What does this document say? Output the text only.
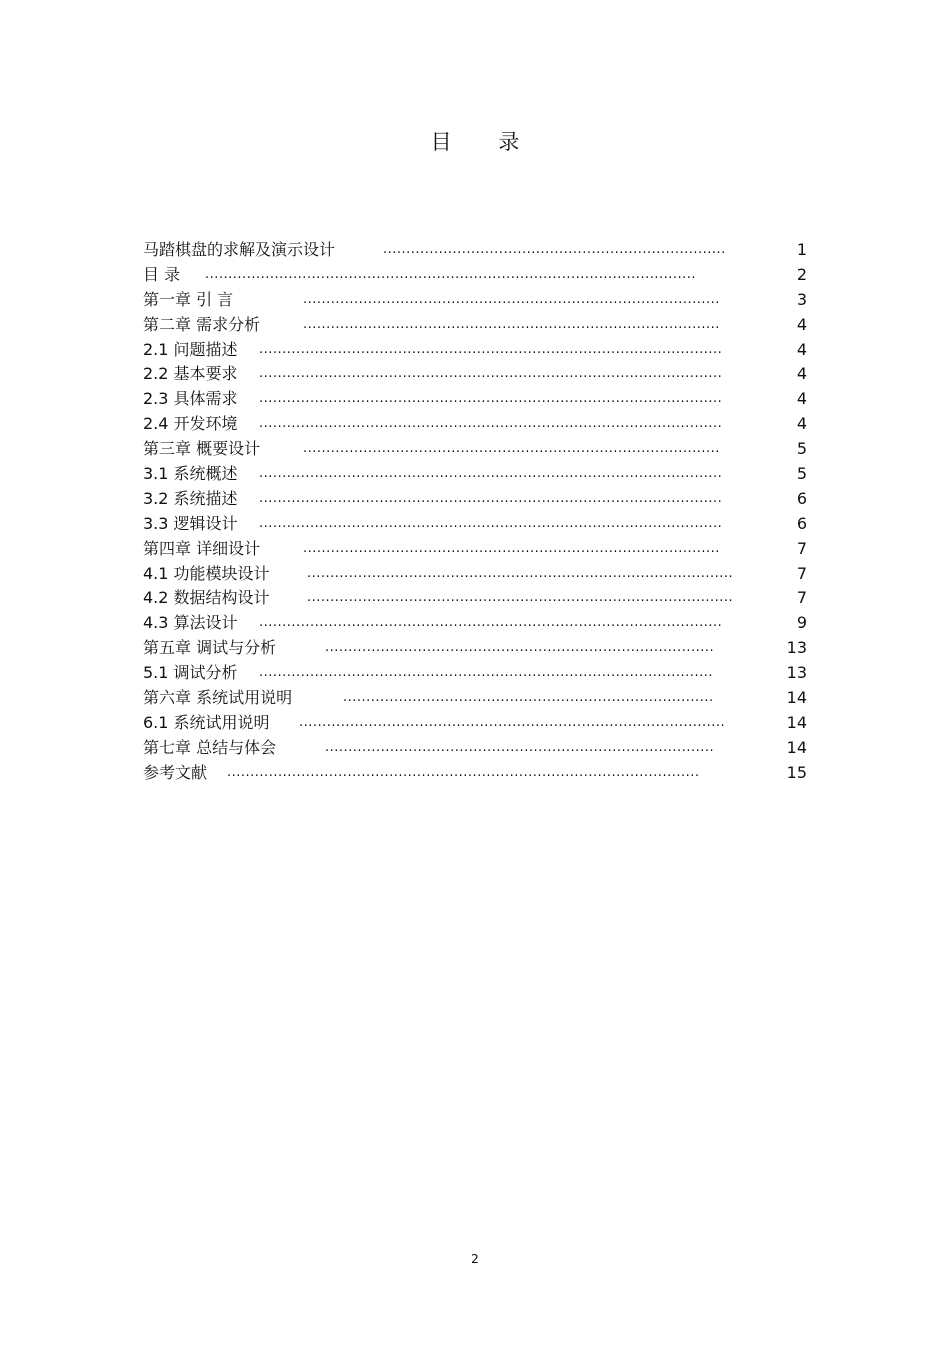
目 录
马踏棋盘的求解及演示设计	..........................................................................	1
目 录 ..........................................................................................................	2
第一章 引 言	..........................................................................................	3
第二章 需求分析	..........................................................................................	4
2.1 问题描述 ....................................................................................................	4
2.2 基本要求 ....................................................................................................	4
2.3 具体需求 ....................................................................................................	4
2.4 开发环境 ....................................................................................................	4
第三章 概要设计	..........................................................................................	5
3.1 系统概述 ....................................................................................................	5
3.2 系统描述 ....................................................................................................	6
3.3 逻辑设计 ....................................................................................................	6
第四章 详细设计	..........................................................................................	7
4.1 功能模块设计	............................................................................................	7
4.2 数据结构设计	............................................................................................	7
4.3 算法设计 ....................................................................................................	9
第五章 调试与分析	....................................................................................	13
5.1 调试分析 ..................................................................................................	13
第六章 系统试用说明	................................................................................	14
6.1 系统试用说明 ............................................................................................	14
第七章 总结与体会	....................................................................................	14
参考文献 ......................................................................................................	15
2
